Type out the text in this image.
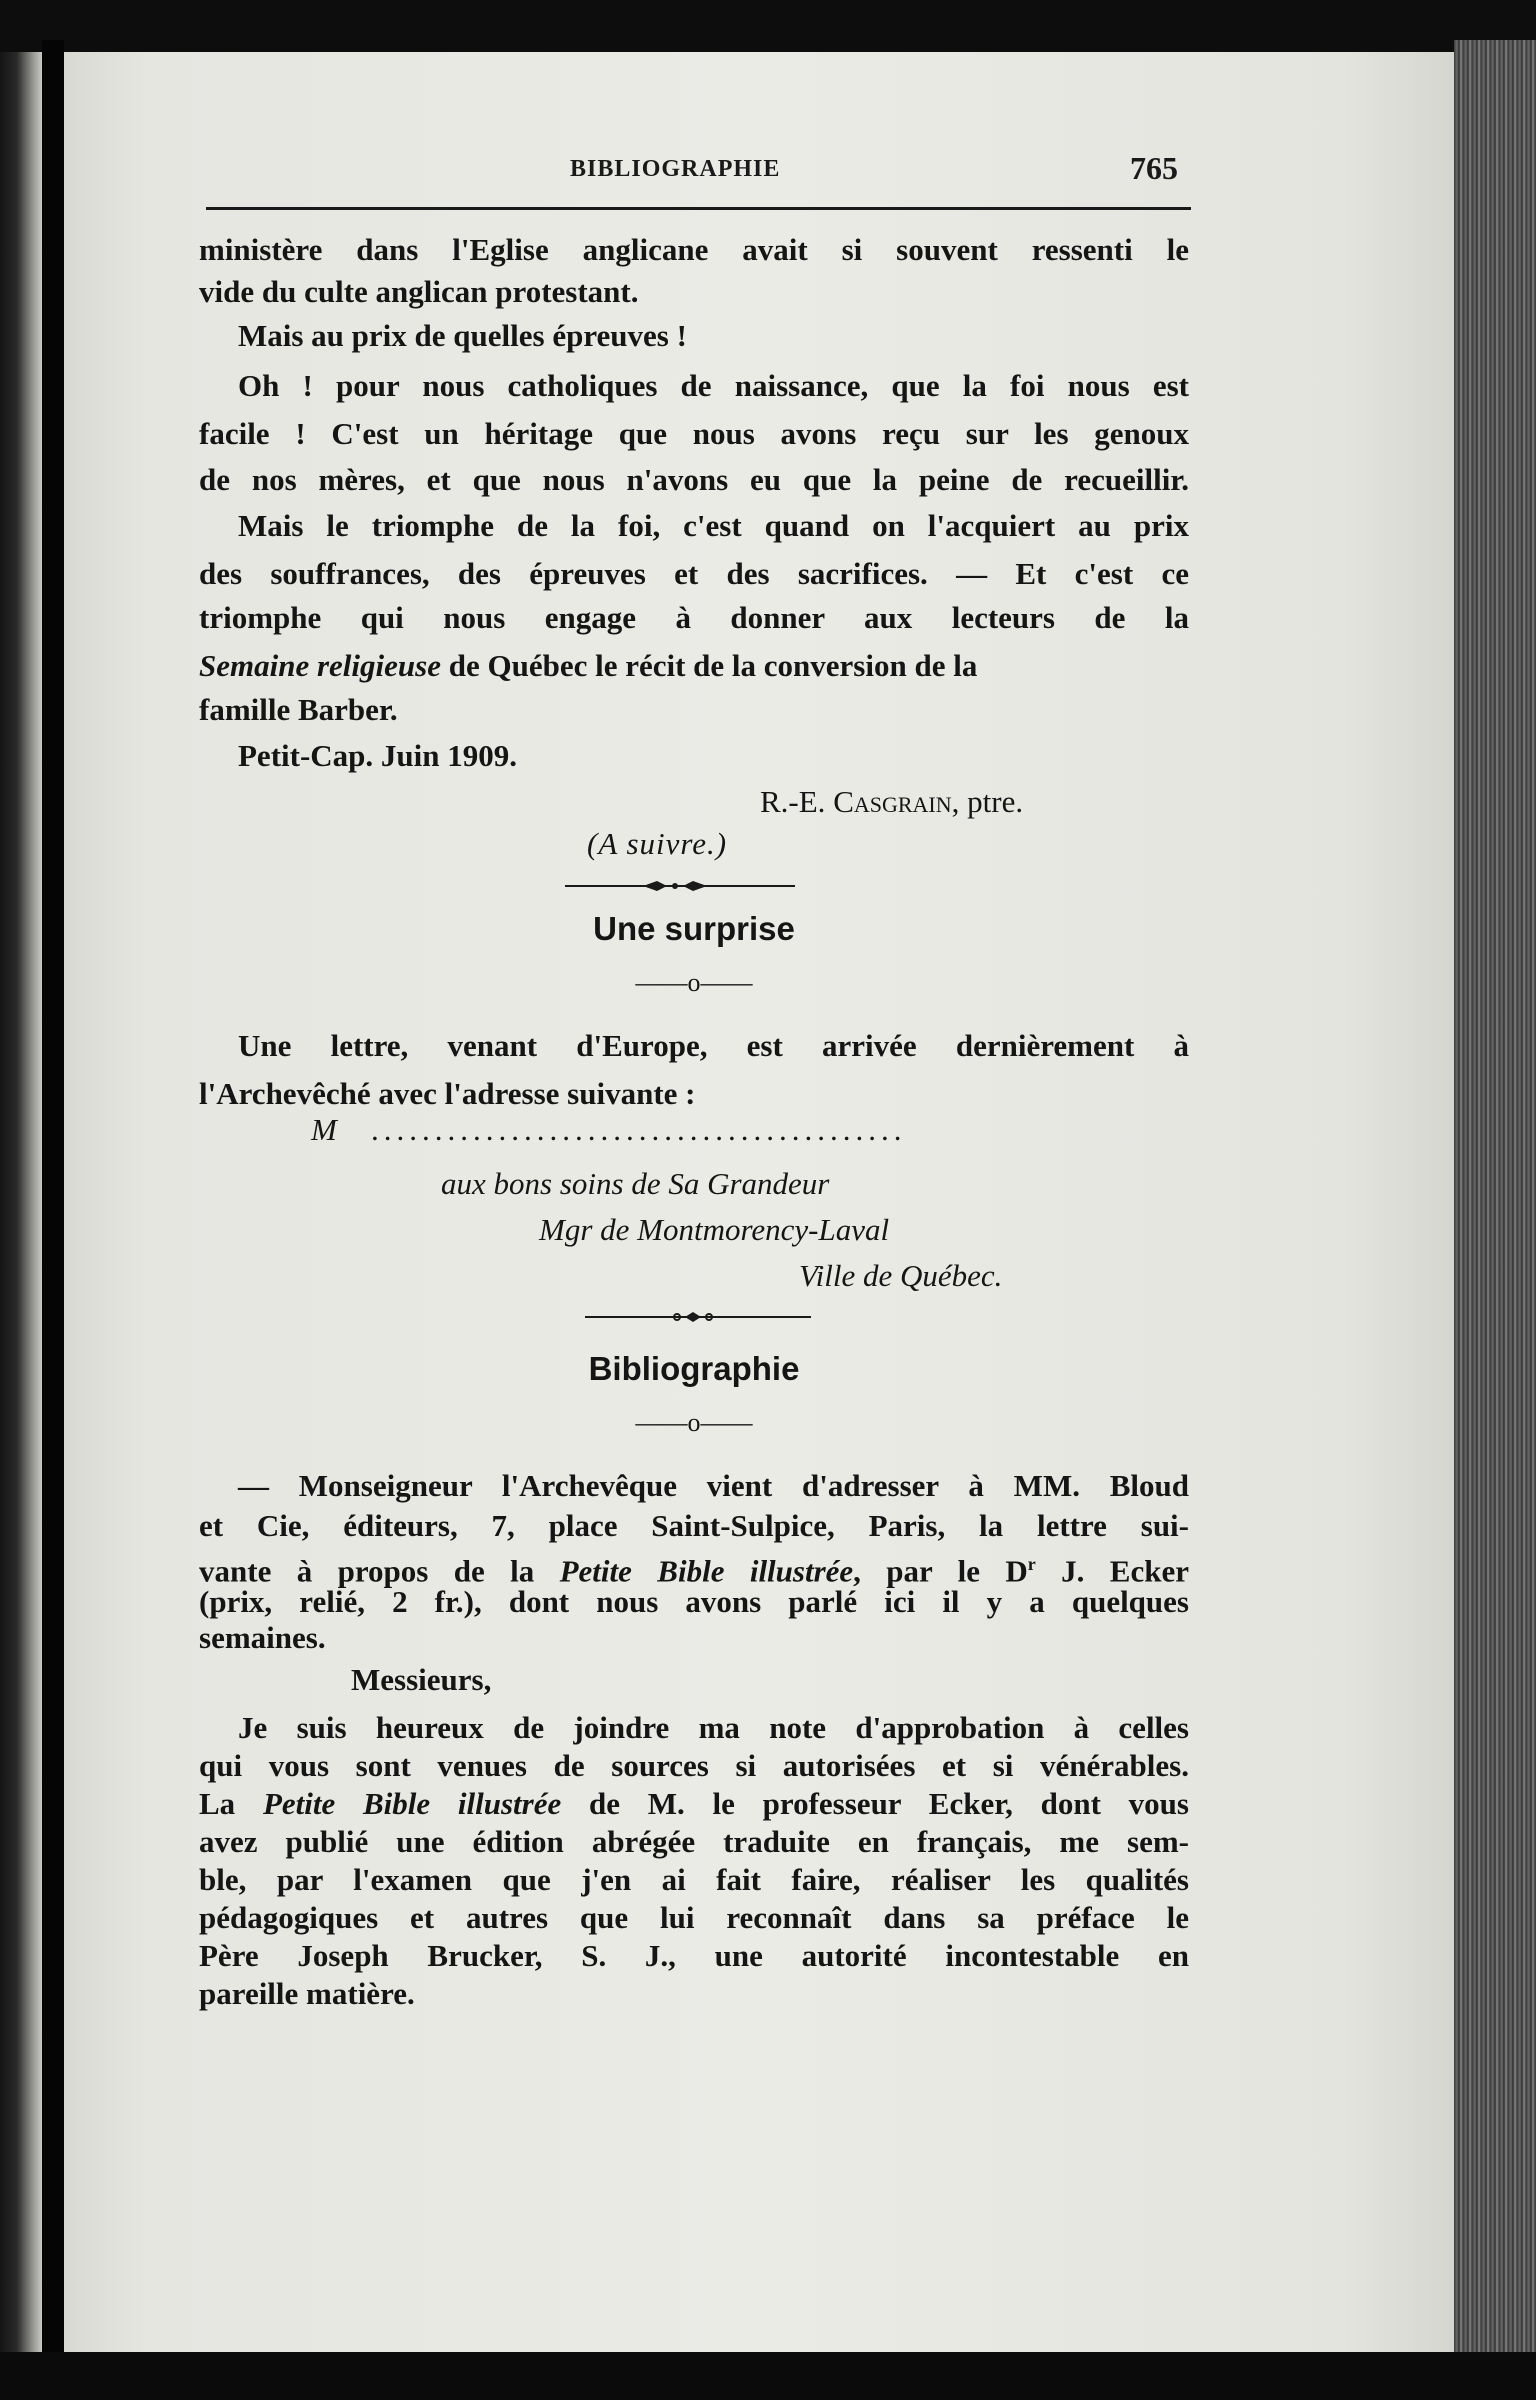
BIBLIOGRAPHIE	765
ministère dans l'Eglise anglicane avait si souvent ressenti le
vide du culte anglican protestant.
Mais au prix de quelles épreuves !
Oh ! pour nous catholiques de naissance, que la foi nous est
facile ! C'est un héritage que nous avons reçu sur les genoux
de nos mères, et que nous n'avons eu que la peine de recueillir.
Mais le triomphe de la foi, c'est quand on l'acquiert au prix
des souffrances, des épreuves et des sacrifices. — Et c'est ce
triomphe qui nous engage à donner aux lecteurs de la
Semaine religieuse de Québec le récit de la conversion de la
famille Barber.
Petit-Cap. Juin 1909.
R.-E. Casgrain, ptre.
(A suivre.)
Une surprise
——o——
Une lettre, venant d'Europe, est arrivée dernièrement à
l'Archevêché avec l'adresse suivante :
M ..........................................
aux bons soins de Sa Grandeur
Mgr de Montmorency-Laval
Ville de Québec.
Bibliographie
——o——
— Monseigneur l'Archevêque vient d'adresser à MM. Bloud
et Cie, éditeurs, 7, place Saint-Sulpice, Paris, la lettre sui-
vante à propos de la Petite Bible illustrée, par le $D^r$ J. Ecker
(prix, relié, 2 fr.), dont nous avons parlé ici il y a quelques
semaines.
Messieurs,
Je suis heureux de joindre ma note d'approbation à celles
qui vous sont venues de sources si autorisées et si vénérables.
La Petite Bible illustrée de M. le professeur Ecker, dont vous
avez publié une édition abrégée traduite en français, me sem-
ble, par l'examen que j'en ai fait faire, réaliser les qualités
pédagogiques et autres que lui reconnaît dans sa préface le
Père Joseph Brucker, S. J., une autorité incontestable en
pareille matière.
